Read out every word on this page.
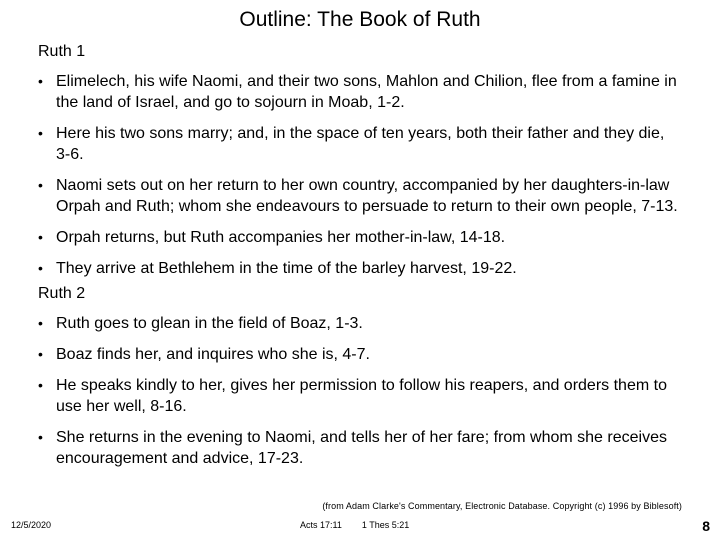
Outline: The Book of Ruth
Ruth 1
• Elimelech, his wife Naomi, and their two sons, Mahlon and Chilion, flee from a famine in the land of Israel, and go to sojourn in Moab, 1‑2.
• Here his two sons marry; and, in the space of ten years, both their father and they die, 3‑6.
• Naomi sets out on her return to her own country, accompanied by her daughters‑in‑law Orpah and Ruth; whom she endeavours to persuade to return to their own people, 7‑13.
• Orpah returns, but Ruth accompanies her mother‑in‑law, 14‑18.
• They arrive at Bethlehem in the time of the barley harvest, 19‑22.
Ruth 2
• Ruth goes to glean in the field of Boaz, 1‑3.
• Boaz finds her, and inquires who she is, 4‑7.
• He speaks kindly to her, gives her permission to follow his reapers, and orders them to use her well, 8‑16.
• She returns in the evening to Naomi, and tells her of her fare; from whom she receives encouragement and advice, 17‑23.
(from Adam Clarke's Commentary, Electronic Database. Copyright (c) 1996 by Biblesoft)
12/5/2020	Acts 17:11 1 Thes 5:21	8
